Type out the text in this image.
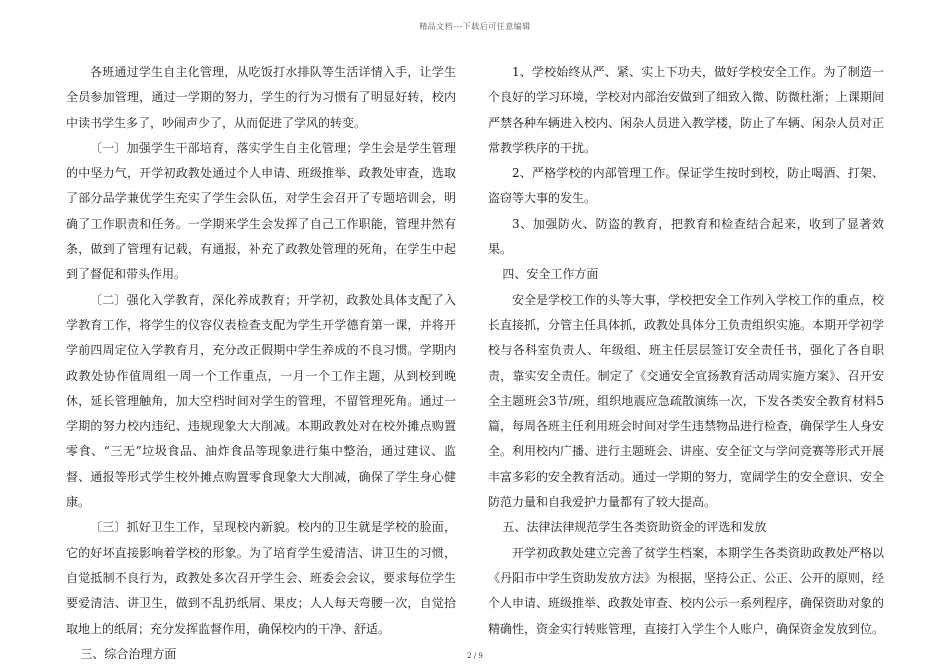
精品文档---下载后可任意编辑

各班通过学生自主化管理，从吃饭打水排队等生活详情入手，让学生全员参加管理，通过一学期的努力，学生的行为习惯有了明显好转，校内中读书学生多了，吵闹声少了，从而促进了学风的转变。

〔一〕加强学生干部培育，落实学生自主化管理；学生会是学生管理的中坚力气，开学初政教处通过个人申请、班级推举、政教处审查，选取了部分品学兼优学生充实了学生会队伍，对学生会召开了专题培训会，明确了工作职责和任务。一学期来学生会发挥了自己工作职能，管理井然有条，做到了管理有记载，有通报，补充了政教处管理的死角，在学生中起到了督促和带头作用。

〔二〕强化入学教育，深化养成教育；开学初，政教处具体支配了入学教育工作，将学生的仪容仪表检查支配为学生开学德育第一课，并将开学前四周定位入学教育月，充分改正假期中学生养成的不良习惯。学期内政教处协作值周组一周一个工作重点，一月一个工作主题，从到校到晚休，延长管理触角，加大空档时间对学生的管理，不留管理死角。通过一学期的努力校内违纪、违规现象大大削减。本期政教处对在校外摊点购置零食、“三无”垃圾食品、油炸食品等现象进行集中整治，通过建议、监督、通报等形式学生校外摊点购置零食现象大大削减，确保了学生身心健康。

〔三〕抓好卫生工作，呈现校内新貌。校内的卫生就是学校的脸面，它的好坏直接影响着学校的形象。为了培育学生爱清洁、讲卫生的习惯，自觉抵制不良行为，政教处多次召开学生会、班委会会议，要求每位学生要爱清洁、讲卫生，做到不乱扔纸屑、果皮；人人每天弯腰一次，自觉拾取地上的纸屑；充分发挥监督作用，确保校内的干净、舒适。

三、综合治理方面

1、学校始终从严、紧、实上下功夫，做好学校安全工作。为了制造一个良好的学习环境，学校对内部治安做到了细致入微、防微杜渐；上课期间严禁各种车辆进入校内、闲杂人员进入教学楼，防止了车辆、闲杂人员对正常教学秩序的干扰。

2、严格学校的内部管理工作。保证学生按时到校，防止喝酒、打架、盗窃等大事的发生。

3、加强防火、防盗的教育，把教育和检查结合起来，收到了显著效果。

四、安全工作方面

安全是学校工作的头等大事，学校把安全工作列入学校工作的重点，校长直接抓，分管主任具体抓，政教处具体分工负责组织实施。本期开学初学校与各科室负责人、年级组、班主任层层签订安全责任书，强化了各自职责，靠实安全责任。制定了《交通安全宣扬教育活动周实施方案》、召开安全主题班会3节/班，组织地震应急疏散演练一次，下发各类安全教育材料5篇，每周各班主任利用班会时间对学生违禁物品进行检查，确保学生人身安全。利用校内广播、进行主题班会、讲座、安全征文与学问竞赛等形式开展丰富多彩的安全教育活动。通过一学期的努力，宽阔学生的安全意识、安全防范力量和自我爱护力量都有了较大提高。

五、法律法律规范学生各类资助资金的评选和发放

开学初政教处建立完善了贫学生档案，本期学生各类资助政教处严格以《丹阳市中学生资助发放方法》为根据，坚持公正、公正、公开的原则，经个人申请、班级推举、政教处审查、校内公示一系列程序，确保资助对象的精确性，资金实行转账管理，直接打入学生个人账户，确保资金发放到位。

2 / 9
